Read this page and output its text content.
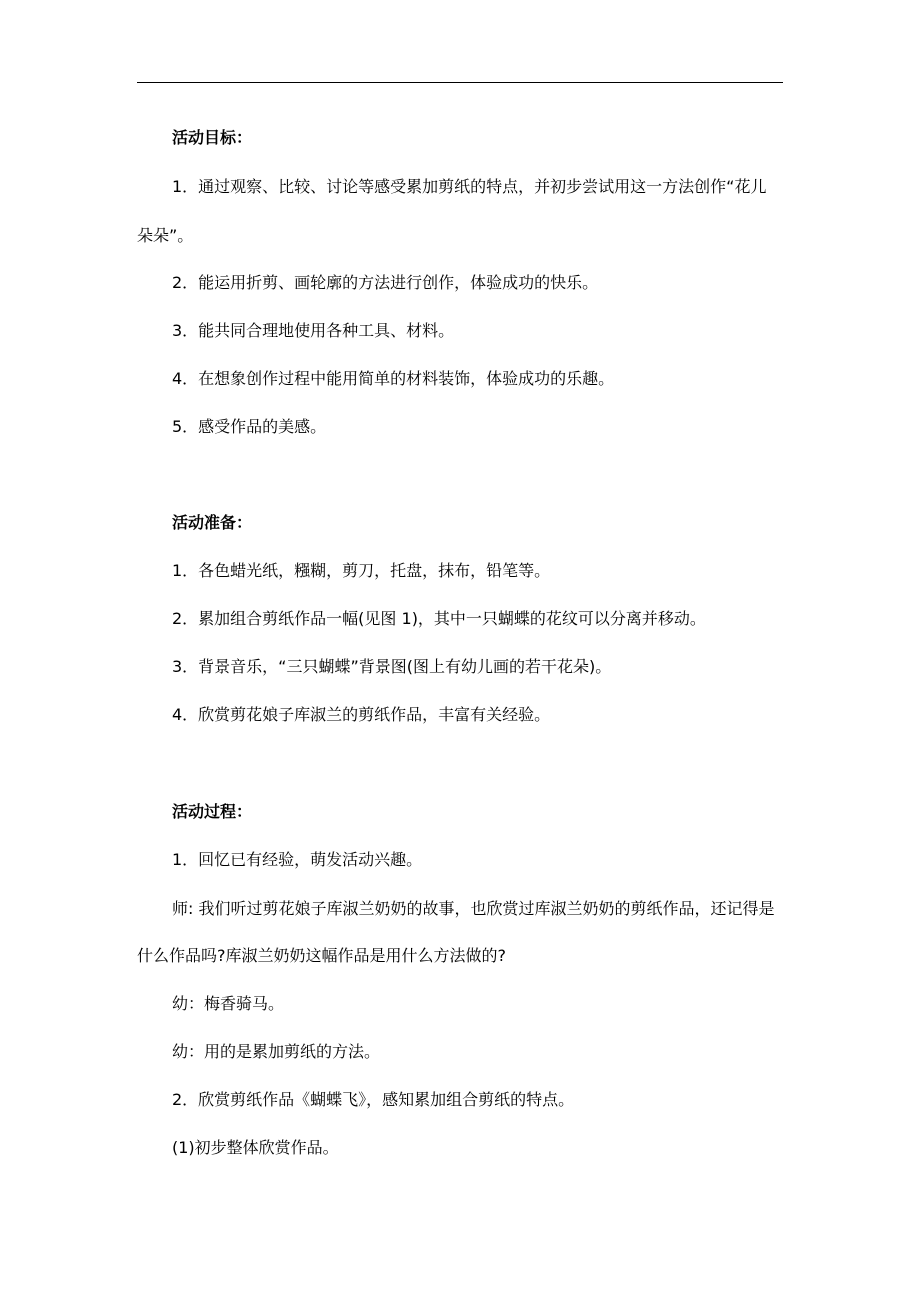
活动目标：
1．通过观察、比较、讨论等感受累加剪纸的特点，并初步尝试用这一方法创作“花儿
朵朵”。
2．能运用折剪、画轮廓的方法进行创作，体验成功的快乐。
3．能共同合理地使用各种工具、材料。
4．在想象创作过程中能用简单的材料装饰，体验成功的乐趣。
5．感受作品的美感。
活动准备：
1．各色蜡光纸，糨糊，剪刀，托盘，抹布，铅笔等。
2．累加组合剪纸作品一幅(见图 1)，其中一只蝴蝶的花纹可以分离并移动。
3．背景音乐，“三只蝴蝶”背景图(图上有幼儿画的若干花朵)。
4．欣赏剪花娘子库淑兰的剪纸作品，丰富有关经验。
活动过程：
1．回忆已有经验，萌发活动兴趣。
师: 我们听过剪花娘子库淑兰奶奶的故事，也欣赏过库淑兰奶奶的剪纸作品，还记得是
什么作品吗?库淑兰奶奶这幅作品是用什么方法做的?
幼：梅香骑马。
幼：用的是累加剪纸的方法。
2．欣赏剪纸作品《蝴蝶飞》，感知累加组合剪纸的特点。
(1)初步整体欣赏作品。
